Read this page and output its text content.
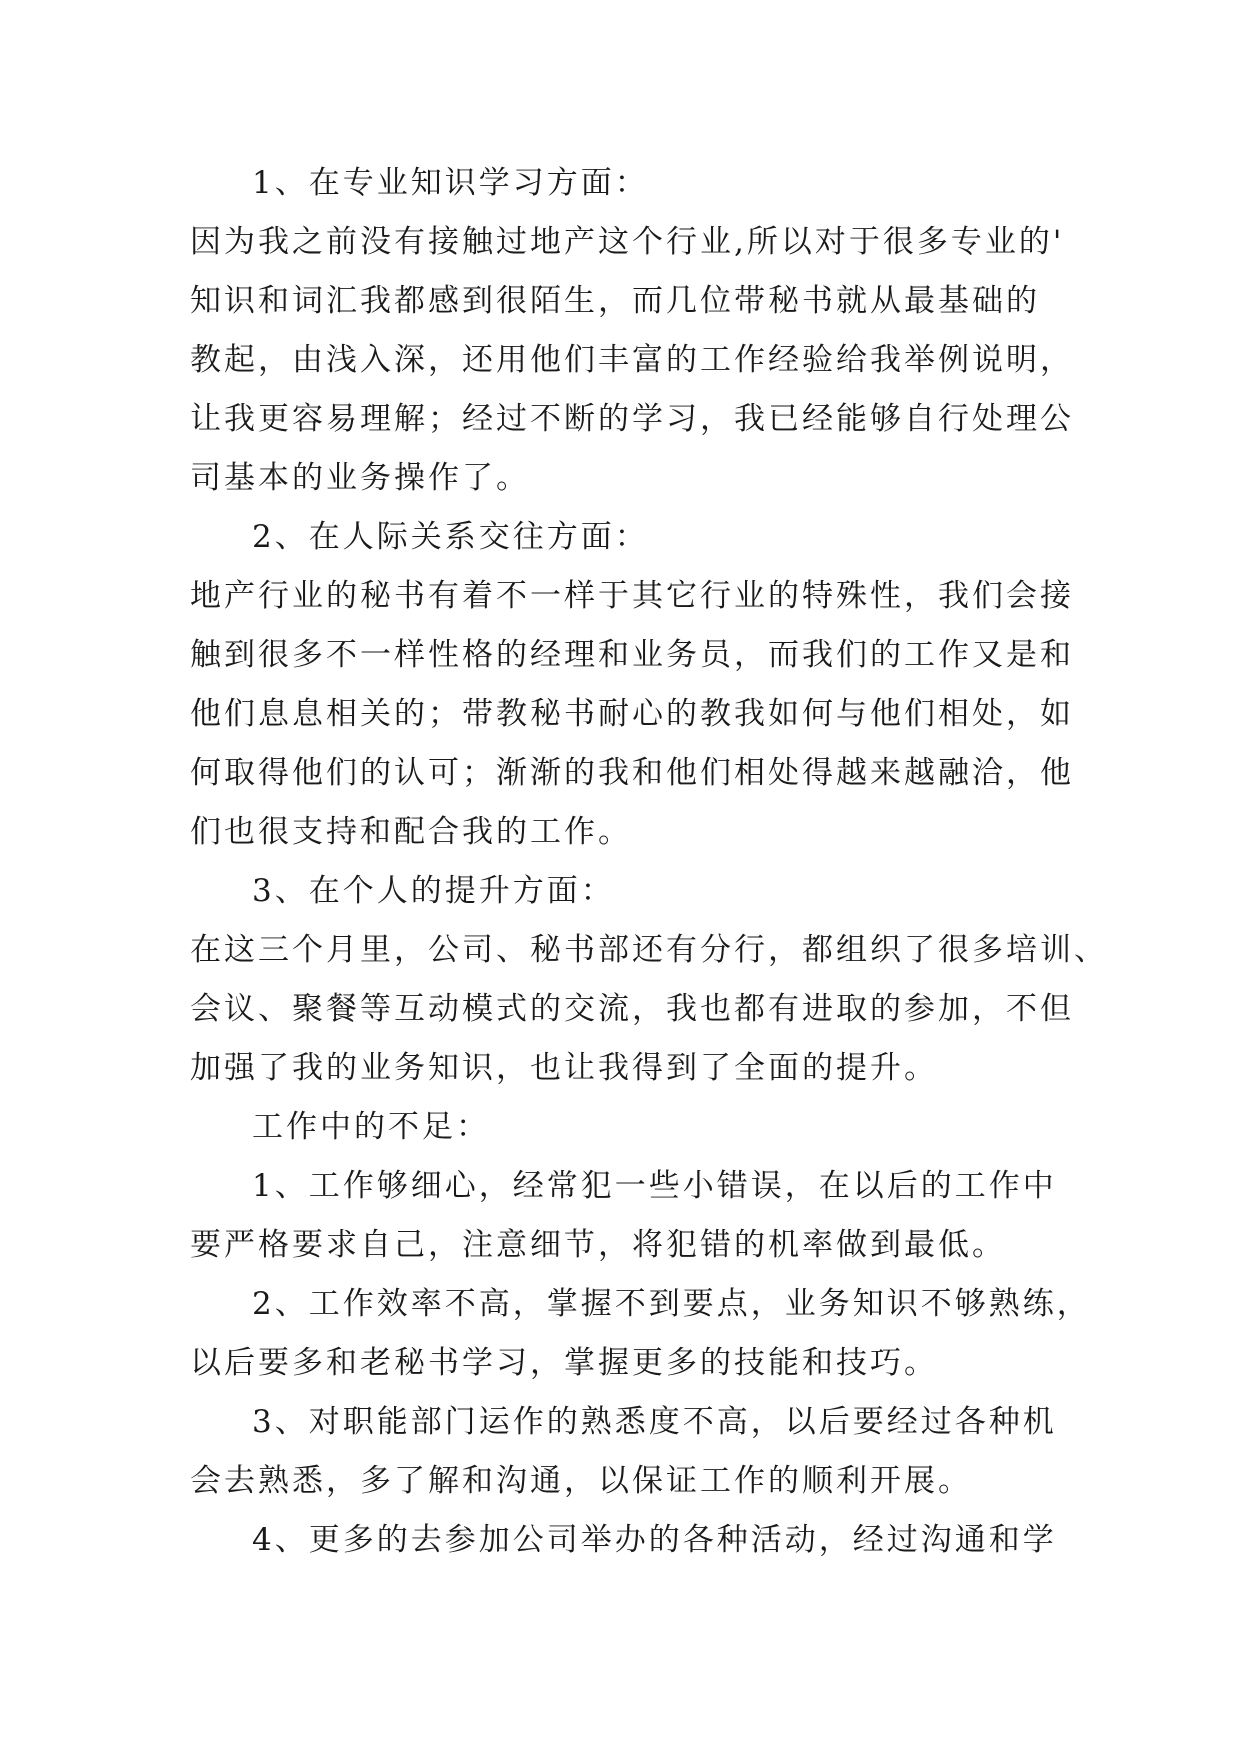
1、在专业知识学习方面：
因为我之前没有接触过地产这个行业,所以对于很多专业的'
知识和词汇我都感到很陌生，而几位带秘书就从最基础的
教起，由浅入深，还用他们丰富的工作经验给我举例说明，
让我更容易理解；经过不断的学习，我已经能够自行处理公
司基本的业务操作了。
2、在人际关系交往方面：
地产行业的秘书有着不一样于其它行业的特殊性，我们会接
触到很多不一样性格的经理和业务员，而我们的工作又是和
他们息息相关的；带教秘书耐心的教我如何与他们相处，如
何取得他们的认可；渐渐的我和他们相处得越来越融洽，他
们也很支持和配合我的工作。
3、在个人的提升方面：
在这三个月里，公司、秘书部还有分行，都组织了很多培训、
会议、聚餐等互动模式的交流，我也都有进取的参加，不但
加强了我的业务知识，也让我得到了全面的提升。
工作中的不足：
1、工作够细心，经常犯一些小错误，在以后的工作中
要严格要求自己，注意细节，将犯错的机率做到最低。
2、工作效率不高，掌握不到要点，业务知识不够熟练，
以后要多和老秘书学习，掌握更多的技能和技巧。
3、对职能部门运作的熟悉度不高，以后要经过各种机
会去熟悉，多了解和沟通，以保证工作的顺利开展。
4、更多的去参加公司举办的各种活动，经过沟通和学
